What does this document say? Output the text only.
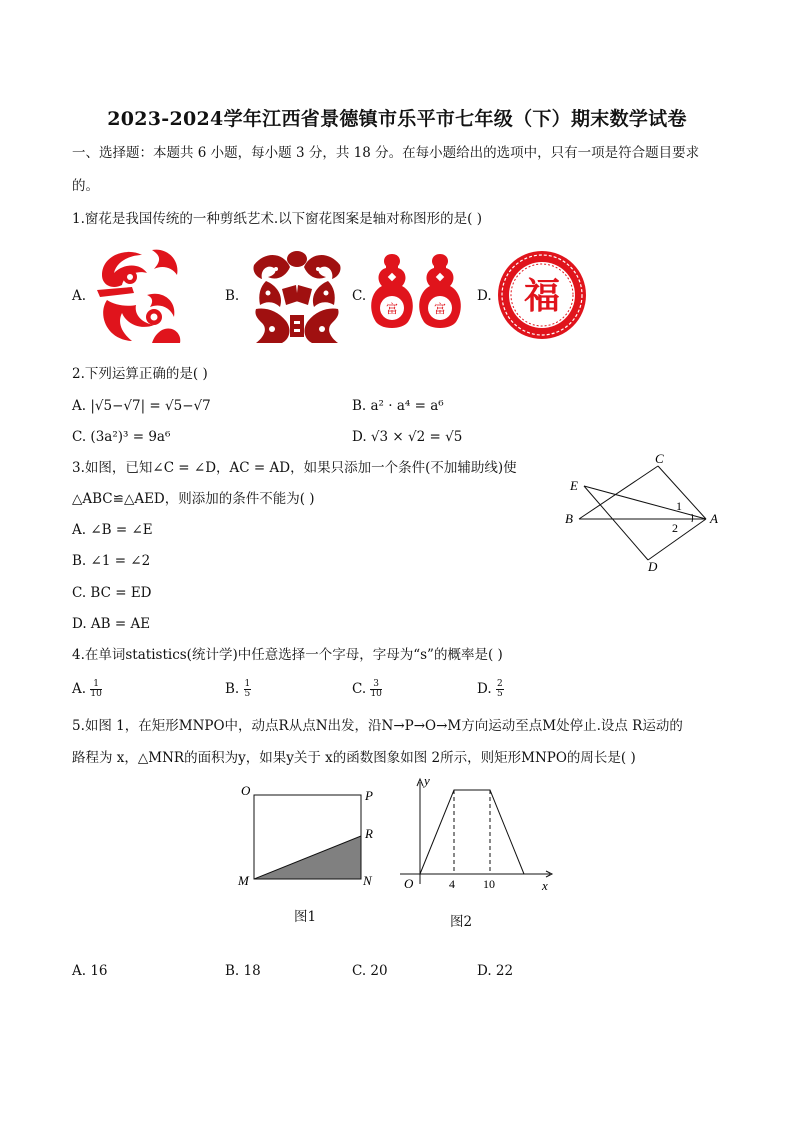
2023-2024学年江西省景德镇市乐平市七年级（下）期末数学试卷
一、选择题：本题共 6 小题，每小题 3 分，共 18 分。在每小题给出的选项中，只有一项是符合题目要求
的。
1.窗花是我国传统的一种剪纸艺术.以下窗花图案是轴对称图形的是( )
A.	B.	C.
富	富
D. 福
2.下列运算正确的是( )
A. |√5−√7| = √5−√7	B. a² · a⁴ = a⁶
C. (3a²)³ = 9a⁶	D. √3 × √2 = √5
3.如图，已知∠C = ∠D，AC = AD，如果只添加一个条件(不加辅助线)使
△ABC≌△AED，则添加的条件不能为( )
A. ∠B = ∠E
B. ∠1 = ∠2
C. BC = ED
D. AB = AE
C
E
B	A
D
1
2
4.在单词statistics(统计学)中任意选择一个字母，字母为“s”的概率是( )
A. $\frac{1}{10}$	B. $\frac{1}{5}$	C. $\frac{3}{10}$	D. $\frac{2}{5}$
5.如图 1，在矩形MNPO中，动点R从点N出发，沿N→P→O→M方向运动至点M处停止.设点 R运动的
路程为 x，△MNR的面积为y，如果y关于 x的函数图象如图 2所示，则矩形MNPO的周长是( )
O	P
R
M	N
图1
y
x
O	4 10
图2
A. 16	B. 18	C. 20	D. 22
